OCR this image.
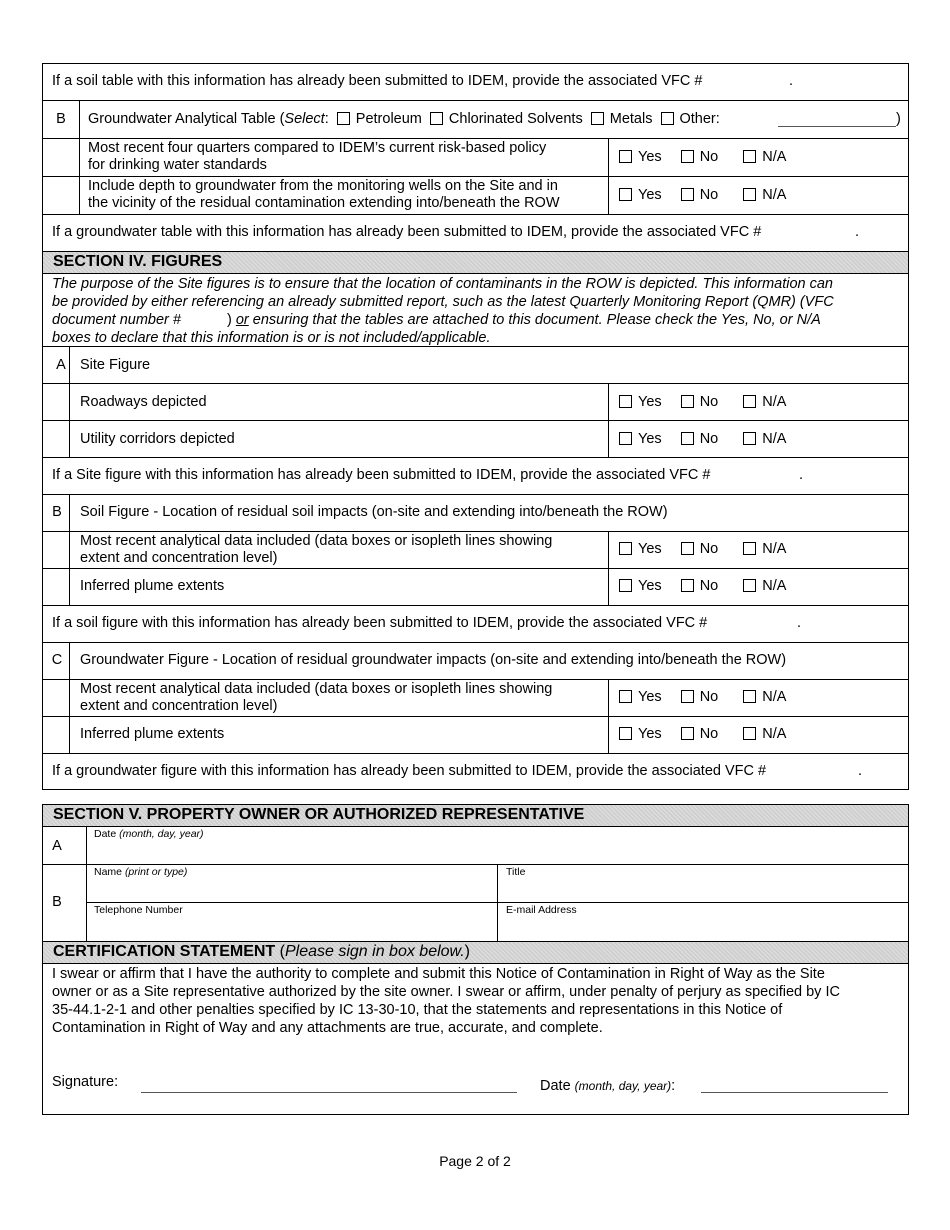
If a soil table with this information has already been submitted to IDEM, provide the associated VFC #	.
B	Groundwater Analytical Table (Select: Petroleum Chlorinated Solvents Metals Other:	)
Most recent four quarters compared to IDEM’s current risk-based policy
for drinking water standards	Yes	No	N/A
Include depth to groundwater from the monitoring wells on the Site and in
the vicinity of the residual contamination extending into/beneath the ROW	Yes	No	N/A
If a groundwater table with this information has already been submitted to IDEM, provide the associated VFC #	.
SECTION IV. FIGURES
The purpose of the Site figures is to ensure that the location of contaminants in the ROW is depicted. This information can
be provided by either referencing an already submitted report, such as the latest Quarterly Monitoring Report (QMR) (VFC
document number #	) or ensuring that the tables are attached to this document. Please check the Yes, No, or N/A
boxes to declare that this information is or is not included/applicable.
A Site Figure
Roadways depicted	Yes	No	N/A
Utility corridors depicted	Yes	No	N/A
If a Site figure with this information has already been submitted to IDEM, provide the associated VFC #	.
B	Soil Figure - Location of residual soil impacts (on-site and extending into/beneath the ROW)
Most recent analytical data included (data boxes or isopleth lines showing
extent and concentration level)
Yes	No	N/A
Inferred plume extents	Yes	No	N/A
If a soil figure with this information has already been submitted to IDEM, provide the associated VFC #	.
C	Groundwater Figure - Location of residual groundwater impacts (on-site and extending into/beneath the ROW)
Most recent analytical data included (data boxes or isopleth lines showing
extent and concentration level)
Yes	No	N/A
Inferred plume extents	Yes	No	N/A
If a groundwater figure with this information has already been submitted to IDEM, provide the associated VFC #	.
SECTION V. PROPERTY OWNER OR AUTHORIZED REPRESENTATIVE
A
Date (month, day, year)
B
Name (print or type)	Title
Telephone Number	E-mail Address
CERTIFICATION STATEMENT (Please sign in box below.)
I swear or affirm that I have the authority to complete and submit this Notice of Contamination in Right of Way as the Site
owner or as a Site representative authorized by the site owner. I swear or affirm, under penalty of perjury as specified by IC
35-44.1-2-1 and other penalties specified by IC 13-30-10, that the statements and representations in this Notice of
Contamination in Right of Way and any attachments are true, accurate, and complete.
Signature:	Date (month, day, year):
Page 2 of 2
